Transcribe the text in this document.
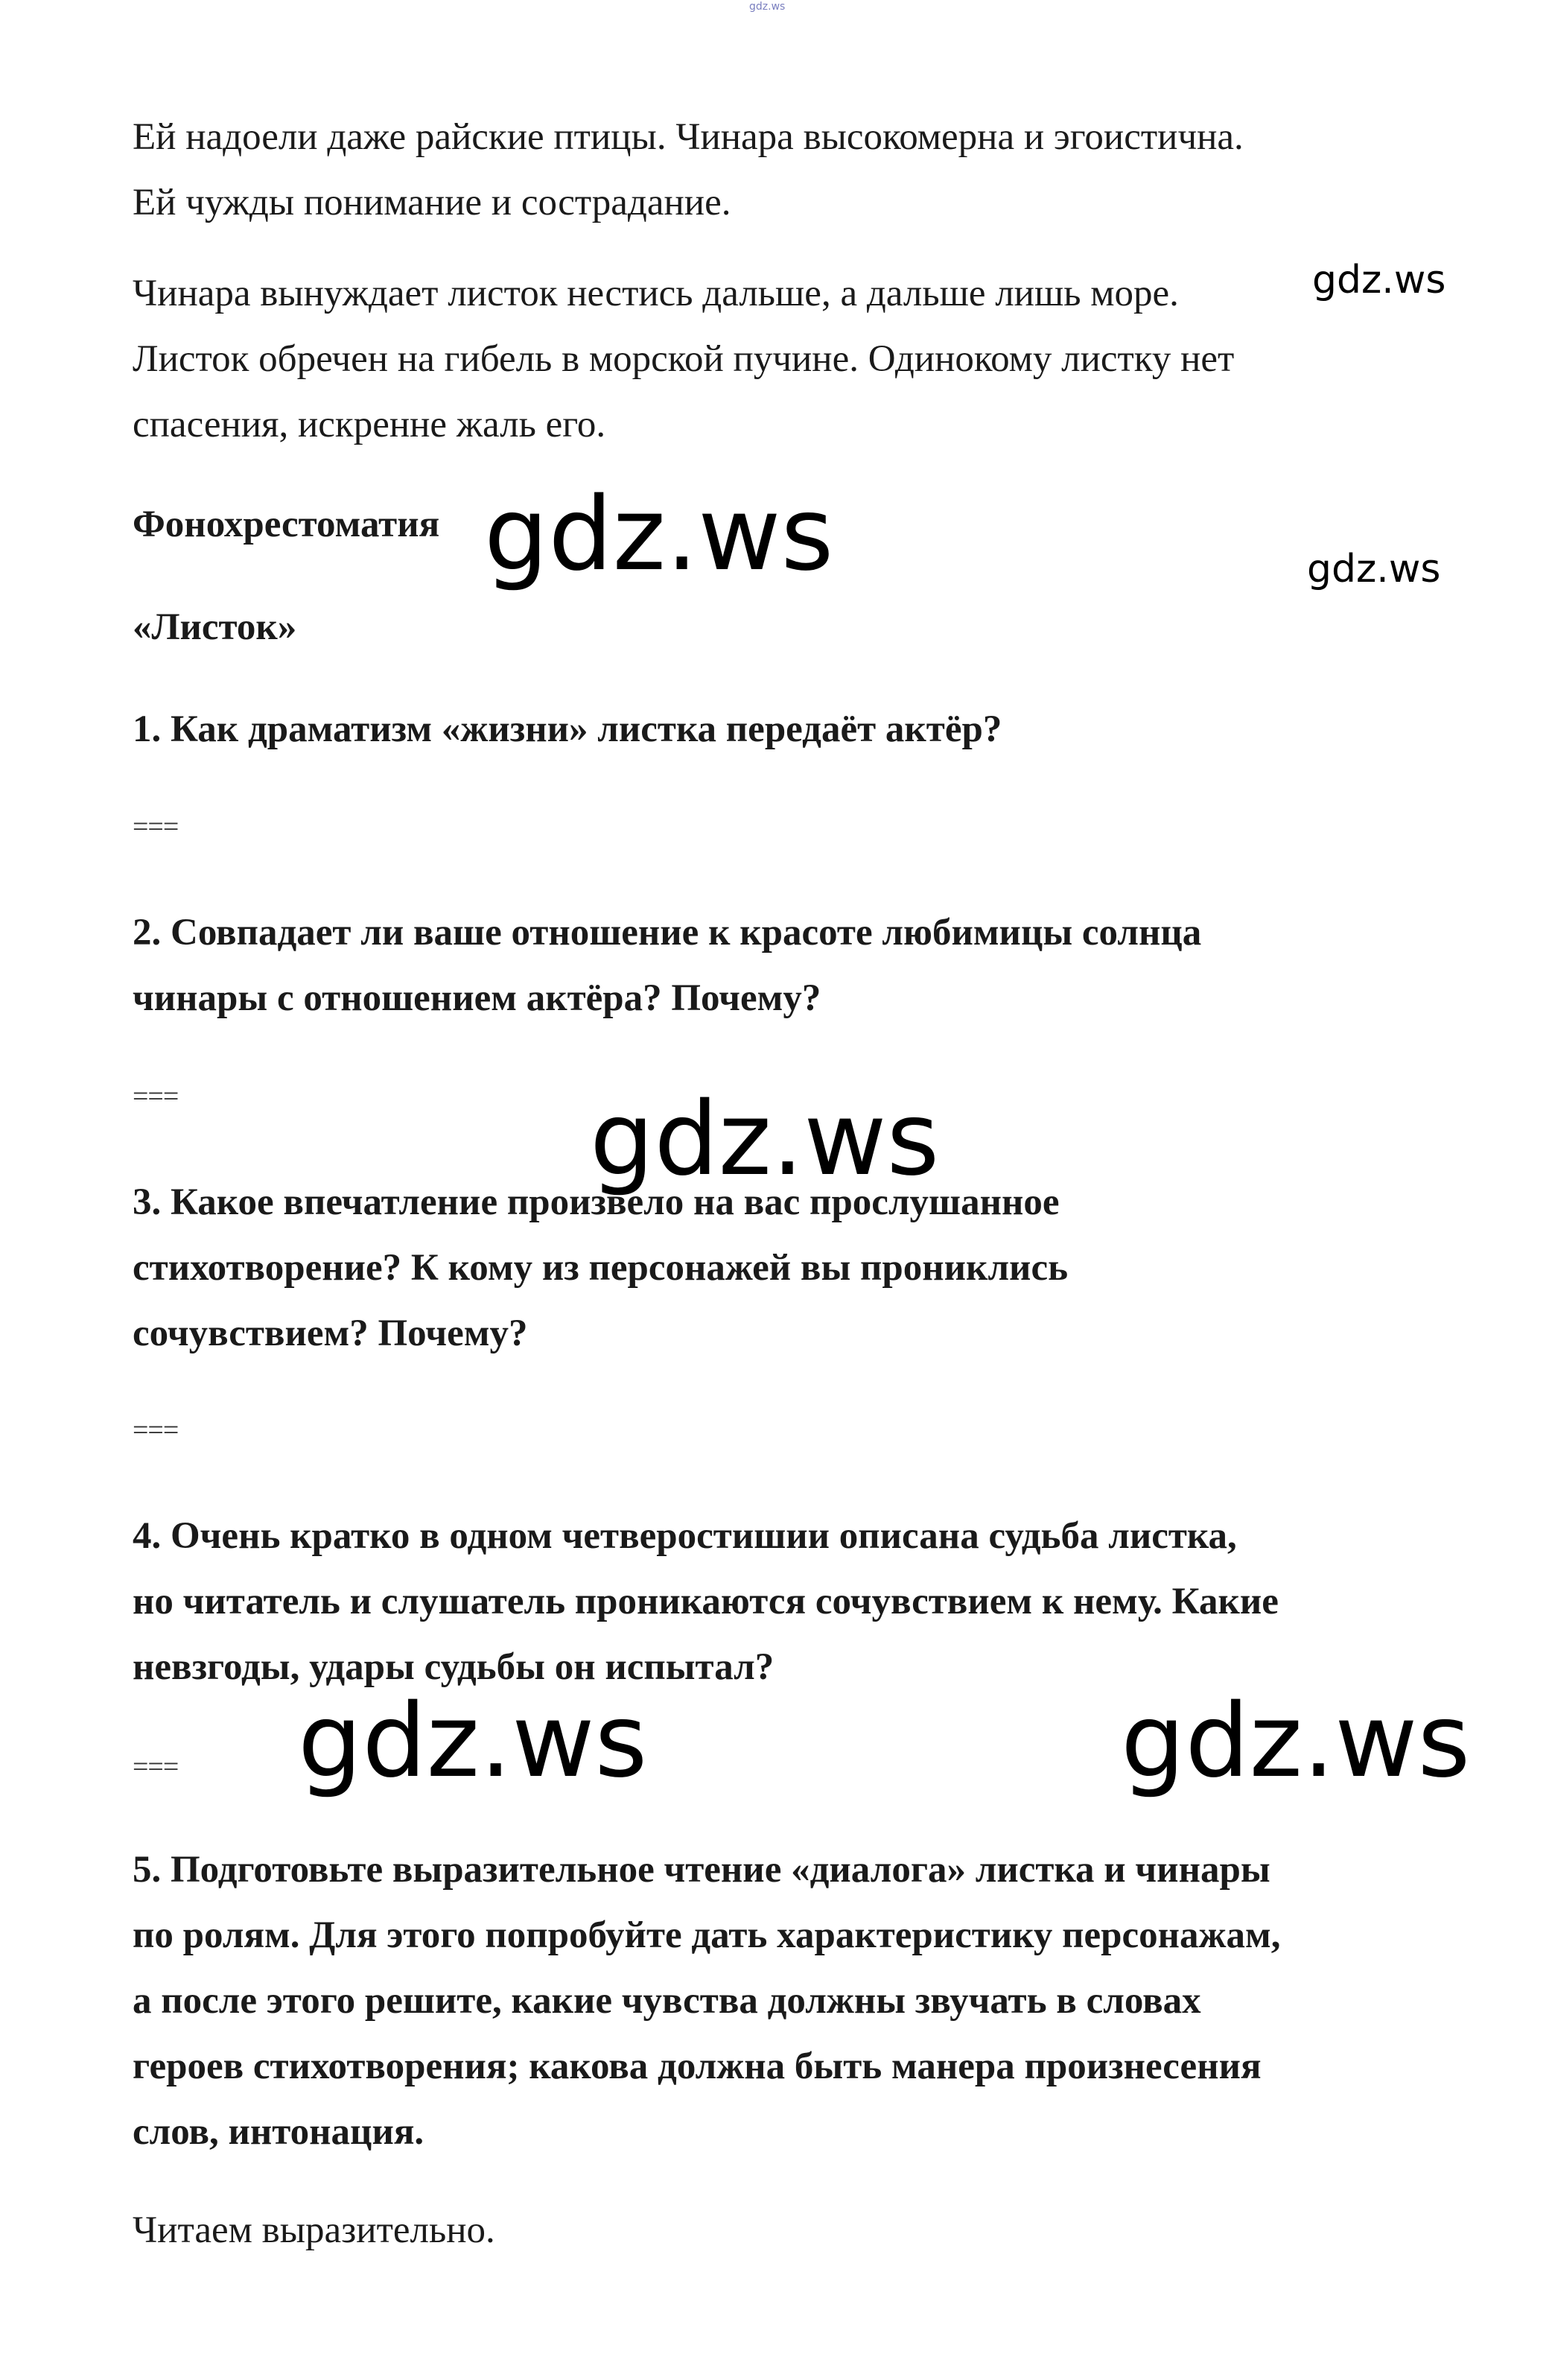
gdz.ws

Ей надоели даже райские птицы. Чинара высокомерна и эгоистична.

Ей чужды понимание и сострадание.

Чинара вынуждает листок нестись дальше, а дальше лишь море.

Листок обречен на гибель в морской пучине. Одинокому листку нет

спасения, искренне жаль его.

gdz.ws

Фонохрестоматия gdz.ws	gdz.ws

«Листок»

1. Как драматизм «жизни» листка передаёт актёр?

===

2. Совпадает ли ваше отношение к красоте любимицы солнца

чинары с отношением актёра? Почему?

===	gdz.ws

3. Какое впечатление произвело на вас прослушанное

стихотворение? К кому из персонажей вы прониклись

сочувствием? Почему?

===

4. Очень кратко в одном четверостишии описана судьба листка,

но читатель и слушатель проникаются сочувствием к нему. Какие

невзгоды, удары судьбы он испытал?

=== gdz.ws	gdz.ws

5. Подготовьте выразительное чтение «диалога» листка и чинары

по ролям. Для этого попробуйте дать характеристику персонажам,

а после этого решите, какие чувства должны звучать в словах

героев стихотворения; какова должна быть манера произнесения

слов, интонация.

Читаем выразительно.
